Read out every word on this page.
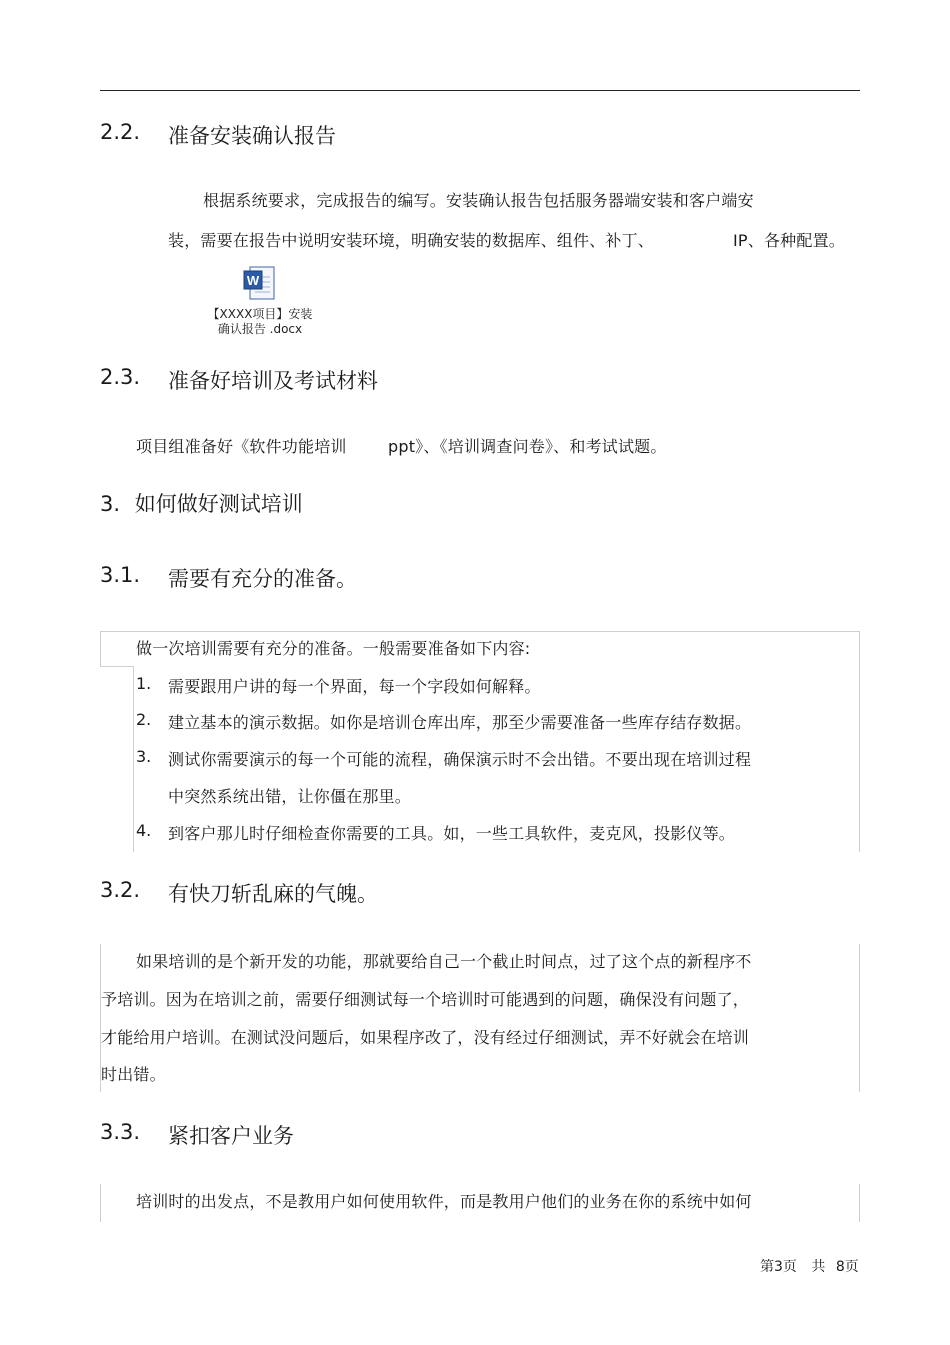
2.2. 准备安装确认报告
根据系统要求，完成报告的编写。安装确认报告包括服务器端安装和客户端安
装，需要在报告中说明安装环境，明确安装的数据库、组件、补丁、	IP、各种配置。
W
【XXXX项目】安装
确认报告 .docx
2.3. 准备好培训及考试材料
项目组准备好《软件功能培训	ppt》、《培训调查问卷》、和考试试题。
3. 如何做好测试培训
3.1. 需要有充分的准备。
做一次培训需要有充分的准备。一般需要准备如下内容:
1. 需要跟用户讲的每一个界面，每一个字段如何解释。
2. 建立基本的演示数据。如你是培训仓库出库，那至少需要准备一些库存结存数据。
3. 测试你需要演示的每一个可能的流程，确保演示时不会出错。不要出现在培训过程
中突然系统出错，让你僵在那里。
4. 到客户那儿时仔细检查你需要的工具。如，一些工具软件，麦克风，投影仪等。
3.2. 有快刀斩乱麻的气魄。
如果培训的是个新开发的功能，那就要给自己一个截止时间点，过了这个点的新程序不
予培训。因为在培训之前，需要仔细测试每一个培训时可能遇到的问题，确保没有问题了，
才能给用户培训。在测试没问题后，如果程序改了，没有经过仔细测试，弄不好就会在培训
时出错。
3.3. 紧扣客户业务
培训时的出发点，不是教用户如何使用软件，而是教用户他们的业务在你的系统中如何
第3页 共 8页
